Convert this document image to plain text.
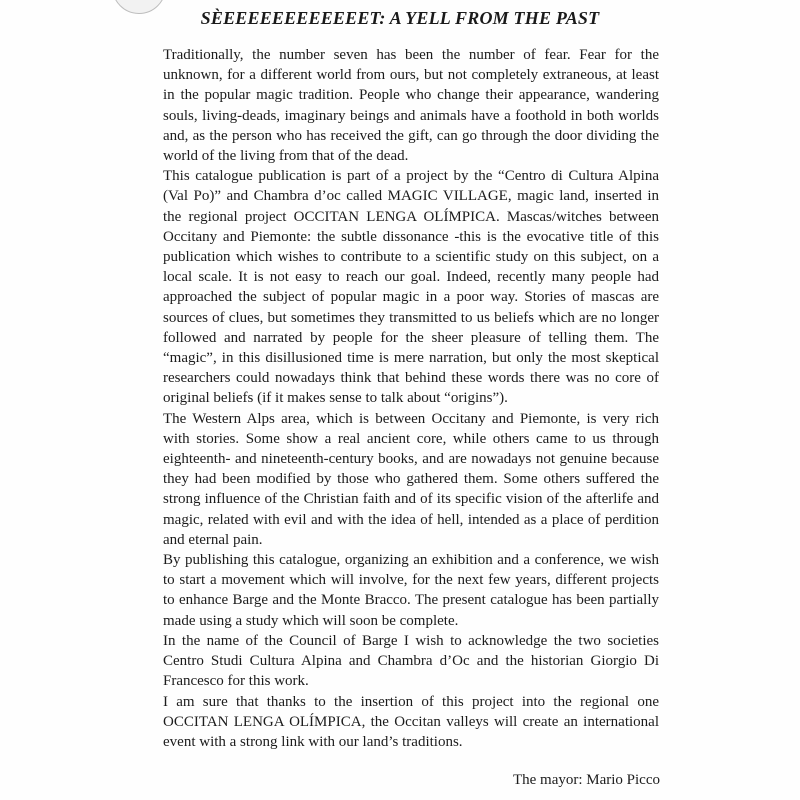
SÈEEEEEEEEEEEET: A YELL FROM THE PAST

Traditionally, the number seven has been the number of fear. Fear for the unknown, for a different world from ours, but not completely extraneous, at least in the popular magic tradition. People who change their appearance, wandering souls, living-deads, imaginary beings and animals have a foothold in both worlds and, as the person who has received the gift, can go through the door dividing the world of the living from that of the dead.

This catalogue publication is part of a project by the “Centro di Cultura Alpina (Val Po)” and Chambra d’oc called MAGIC VILLAGE, magic land, inserted in the regional project OCCITAN LENGA OLÍMPICA. Mascas/witches between Occitany and Piemonte: the subtle dissonance -this is the evocative title of this publication which wishes to contribute to a scientific study on this subject, on a local scale. It is not easy to reach our goal. Indeed, recently many people had approached the subject of popular magic in a poor way. Stories of mascas are sources of clues, but sometimes they transmitted to us beliefs which are no longer followed and narrated by people for the sheer pleasure of telling them. The “magic”, in this disillusioned time is mere narration, but only the most skeptical researchers could nowadays think that behind these words there was no core of original beliefs (if it makes sense to talk about “origins”).

The Western Alps area, which is between Occitany and Piemonte, is very rich with stories. Some show a real ancient core, while others came to us through eighteenth- and nineteenth-century books, and are nowadays not genuine because they had been modified by those who gathered them. Some others suffered the strong influence of the Christian faith and of its specific vision of the afterlife and magic, related with evil and with the idea of hell, intended as a place of perdition and eternal pain.

By publishing this catalogue, organizing an exhibition and a conference, we wish to start a movement which will involve, for the next few years, different projects to enhance Barge and the Monte Bracco. The present catalogue has been partially made using a study which will soon be complete.

In the name of the Council of Barge I wish to acknowledge the two societies Centro Studi Cultura Alpina and Chambra d’Oc and the historian Giorgio Di Francesco for this work.

I am sure that thanks to the insertion of this project into the regional one OCCITAN LENGA OLÍMPICA, the Occitan valleys will create an international event with a strong link with our land’s traditions.

The mayor: Mario Picco
